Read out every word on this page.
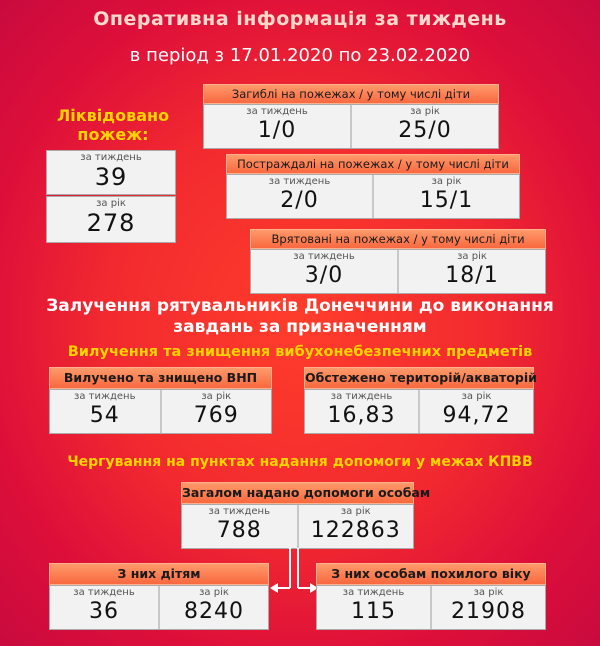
Оперативна інформація за тиждень
в період з 17.01.2020 по 23.02.2020
Ліквідовано пожеж:
за тиждень
39
за рік
278
Загиблі на пожежах / у тому числі діти
за тиждень
1/0
за рік
25/0
Постраждалі на пожежах / у тому числі діти
за тиждень
2/0
за рік
15/1
Врятовані на пожежах / у тому числі діти
за тиждень
3/0
за рік
18/1
Залучення рятувальників Донеччини до виконання завдань за призначенням
Вилучення та знищення вибухонебезпечних предметів
Вилучено та знищено ВНП
за тиждень
54
за рік
769
Обстежено територій/акваторій
за тиждень
16,83
за рік
94,72
Чергування на пунктах надання допомоги у межах КПВВ
Загалом надано допомоги особам
за тиждень
788
за рік
122863
З них дітям
за тиждень
36
за рік
8240
З них особам похилого віку
за тиждень
115
за рік
21908
